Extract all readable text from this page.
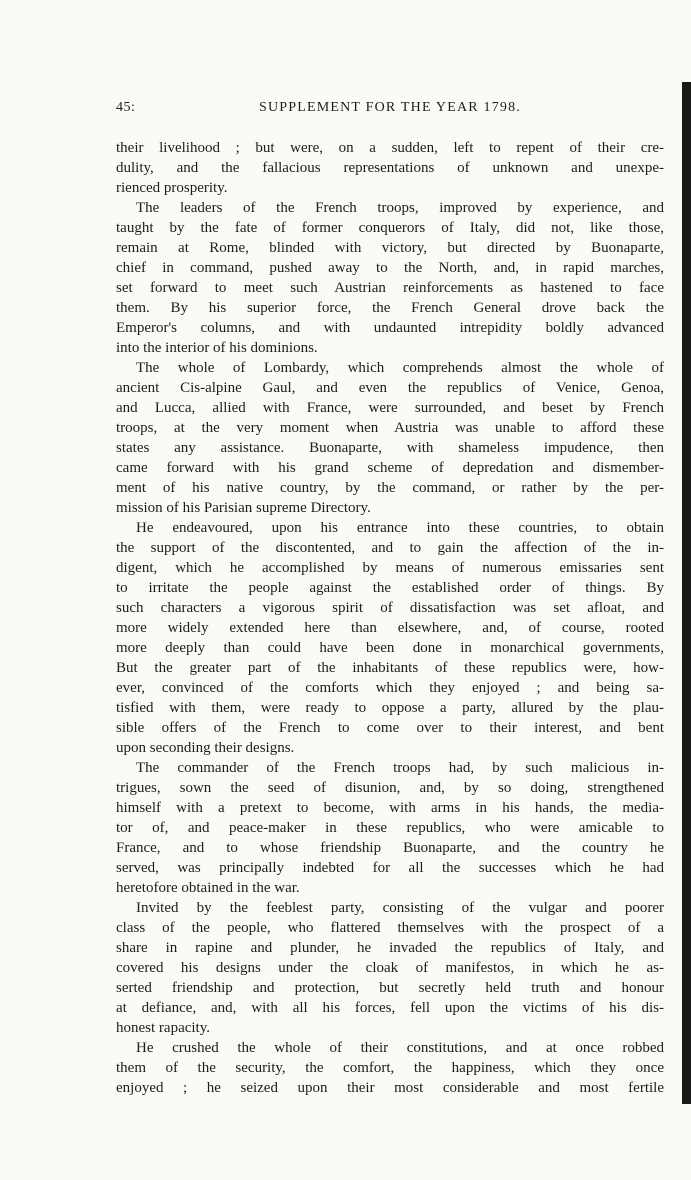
45:	SUPPLEMENT FOR THE YEAR 1798.
their livelihood ; but were, on a sudden, left to repent of their cre-
dulity, and the fallacious representations of unknown and unexpe-
rienced prosperity.
The leaders of the French troops, improved by experience, and
taught by the fate of former conquerors of Italy, did not, like those,
remain at Rome, blinded with victory, but directed by Buonaparte,
chief in command, pushed away to the North, and, in rapid marches,
set forward to meet such Austrian reinforcements as hastened to face
them. By his superior force, the French General drove back the
Emperor's columns, and with undaunted intrepidity boldly advanced
into the interior of his dominions.
The whole of Lombardy, which comprehends almost the whole of
ancient Cis-alpine Gaul, and even the republics of Venice, Genoa,
and Lucca, allied with France, were surrounded, and beset by French
troops, at the very moment when Austria was unable to afford these
states any assistance. Buonaparte, with shameless impudence, then
came forward with his grand scheme of depredation and dismember-
ment of his native country, by the command, or rather by the per-
mission of his Parisian supreme Directory.
He endeavoured, upon his entrance into these countries, to obtain
the support of the discontented, and to gain the affection of the in-
digent, which he accomplished by means of numerous emissaries sent
to irritate the people against the established order of things. By
such characters a vigorous spirit of dissatisfaction was set afloat, and
more widely extended here than elsewhere, and, of course, rooted
more deeply than could have been done in monarchical governments,
But the greater part of the inhabitants of these republics were, how-
ever, convinced of the comforts which they enjoyed ; and being sa-
tisfied with them, were ready to oppose a party, allured by the plau-
sible offers of the French to come over to their interest, and bent
upon seconding their designs.
The commander of the French troops had, by such malicious in-
trigues, sown the seed of disunion, and, by so doing, strengthened
himself with a pretext to become, with arms in his hands, the media-
tor of, and peace-maker in these republics, who were amicable to
France, and to whose friendship Buonaparte, and the country he
served, was principally indebted for all the successes which he had
heretofore obtained in the war.
Invited by the feeblest party, consisting of the vulgar and poorer
class of the people, who flattered themselves with the prospect of a
share in rapine and plunder, he invaded the republics of Italy, and
covered his designs under the cloak of manifestos, in which he as-
serted friendship and protection, but secretly held truth and honour
at defiance, and, with all his forces, fell upon the victims of his dis-
honest rapacity.
He crushed the whole of their constitutions, and at once robbed
them of the security, the comfort, the happiness, which they once
enjoyed ; he seized upon their most considerable and most fertile
